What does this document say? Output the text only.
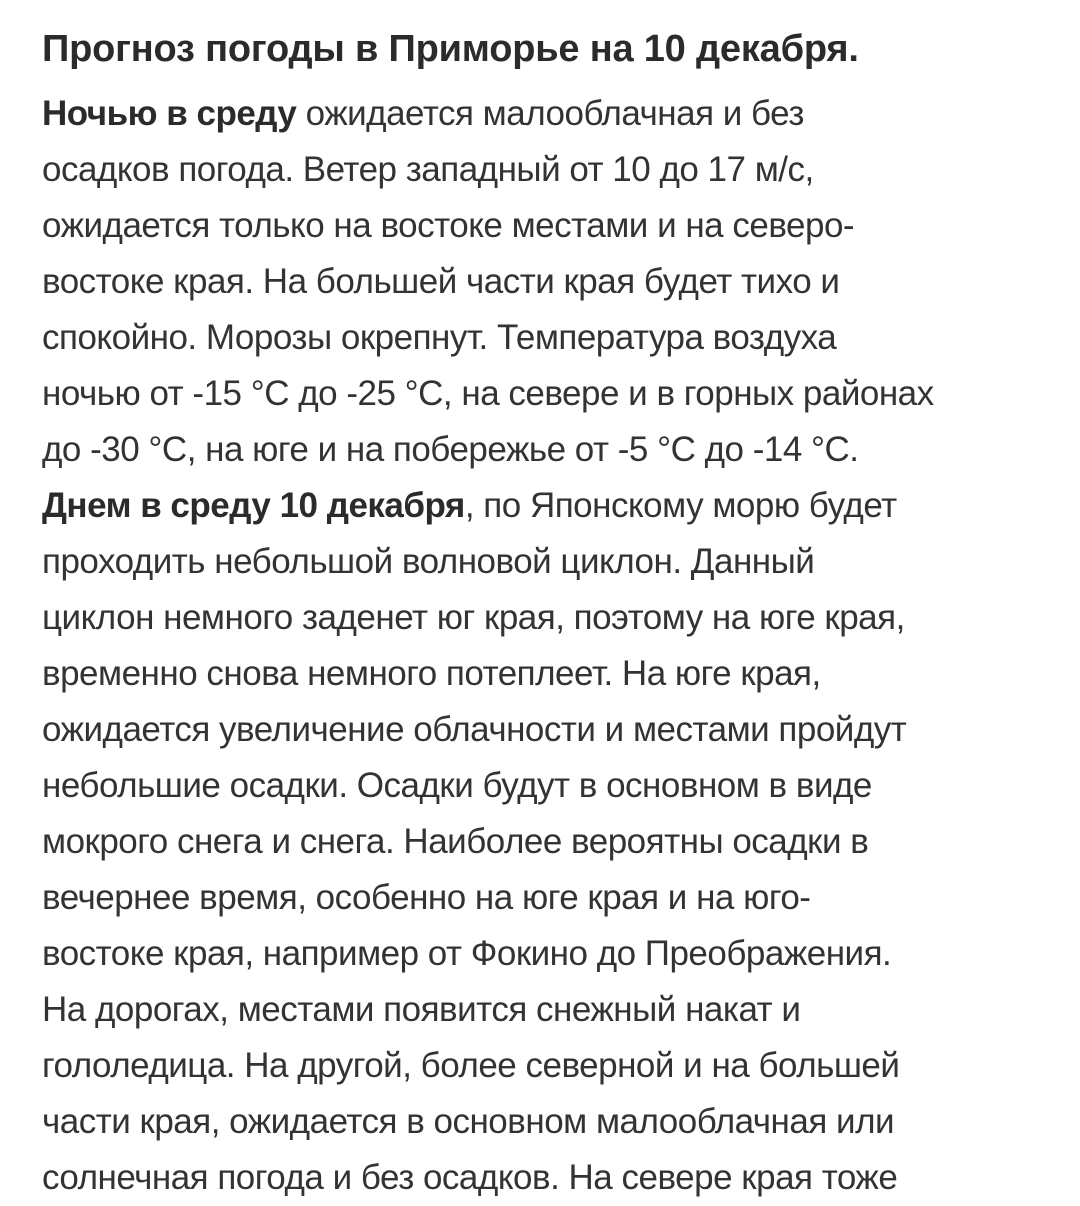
Прогноз погоды в Приморье на 10 декабря.
Ночью в среду ожидается малооблачная и без
осадков погода. Ветер западный от 10 до 17 м/с,
ожидается только на востоке местами и на северо-
востоке края. На большей части края будет тихо и
спокойно. Морозы окрепнут. Температура воздуха
ночью от -15 °С до -25 °С, на севере и в горных районах
до -30 °С, на юге и на побережье от -5 °С до -14 °С.
Днем в среду 10 декабря, по Японскому морю будет
проходить небольшой волновой циклон. Данный
циклон немного заденет юг края, поэтому на юге края,
временно снова немного потеплеет. На юге края,
ожидается увеличение облачности и местами пройдут
небольшие осадки. Осадки будут в основном в виде
мокрого снега и снега. Наиболее вероятны осадки в
вечернее время, особенно на юге края и на юго-
востоке края, например от Фокино до Преображения.
На дорогах, местами появится снежный накат и
гололедица. На другой, более северной и на большей
части края, ожидается в основном малооблачная или
солнечная погода и без осадков. На севере края тоже
